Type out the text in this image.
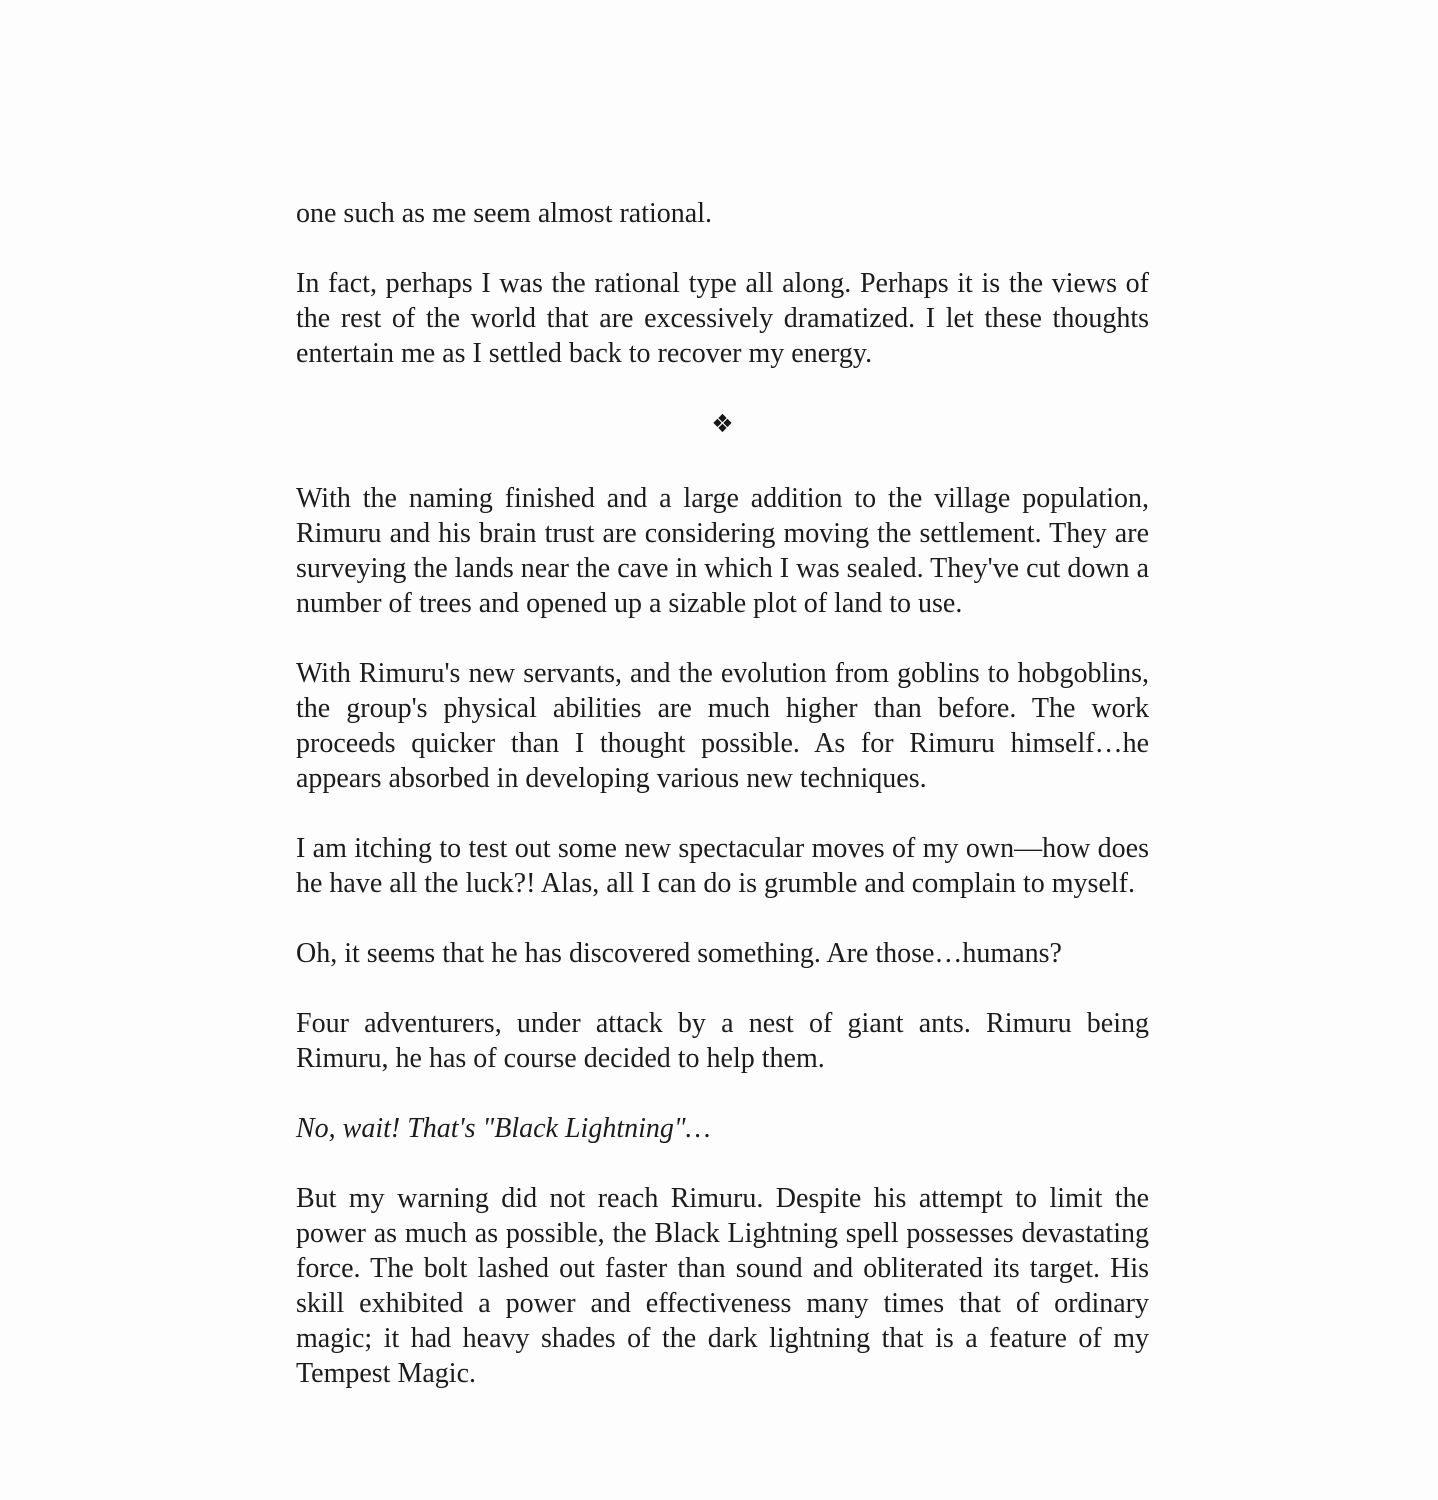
one such as me seem almost rational.

In fact, perhaps I was the rational type all along. Perhaps it is the views of the rest of the world that are excessively dramatized. I let these thoughts entertain me as I settled back to recover my energy.

❖

With the naming finished and a large addition to the village population, Rimuru and his brain trust are considering moving the settlement. They are surveying the lands near the cave in which I was sealed. They've cut down a number of trees and opened up a sizable plot of land to use.

With Rimuru's new servants, and the evolution from goblins to hobgoblins, the group's physical abilities are much higher than before. The work proceeds quicker than I thought possible. As for Rimuru himself…he appears absorbed in developing various new techniques.

I am itching to test out some new spectacular moves of my own—how does he have all the luck?! Alas, all I can do is grumble and complain to myself.

Oh, it seems that he has discovered something. Are those…humans?

Four adventurers, under attack by a nest of giant ants. Rimuru being Rimuru, he has of course decided to help them.

No, wait! That's "Black Lightning"…

But my warning did not reach Rimuru. Despite his attempt to limit the power as much as possible, the Black Lightning spell possesses devastating force. The bolt lashed out faster than sound and obliterated its target. His skill exhibited a power and effectiveness many times that of ordinary magic; it had heavy shades of the dark lightning that is a feature of my Tempest Magic.
